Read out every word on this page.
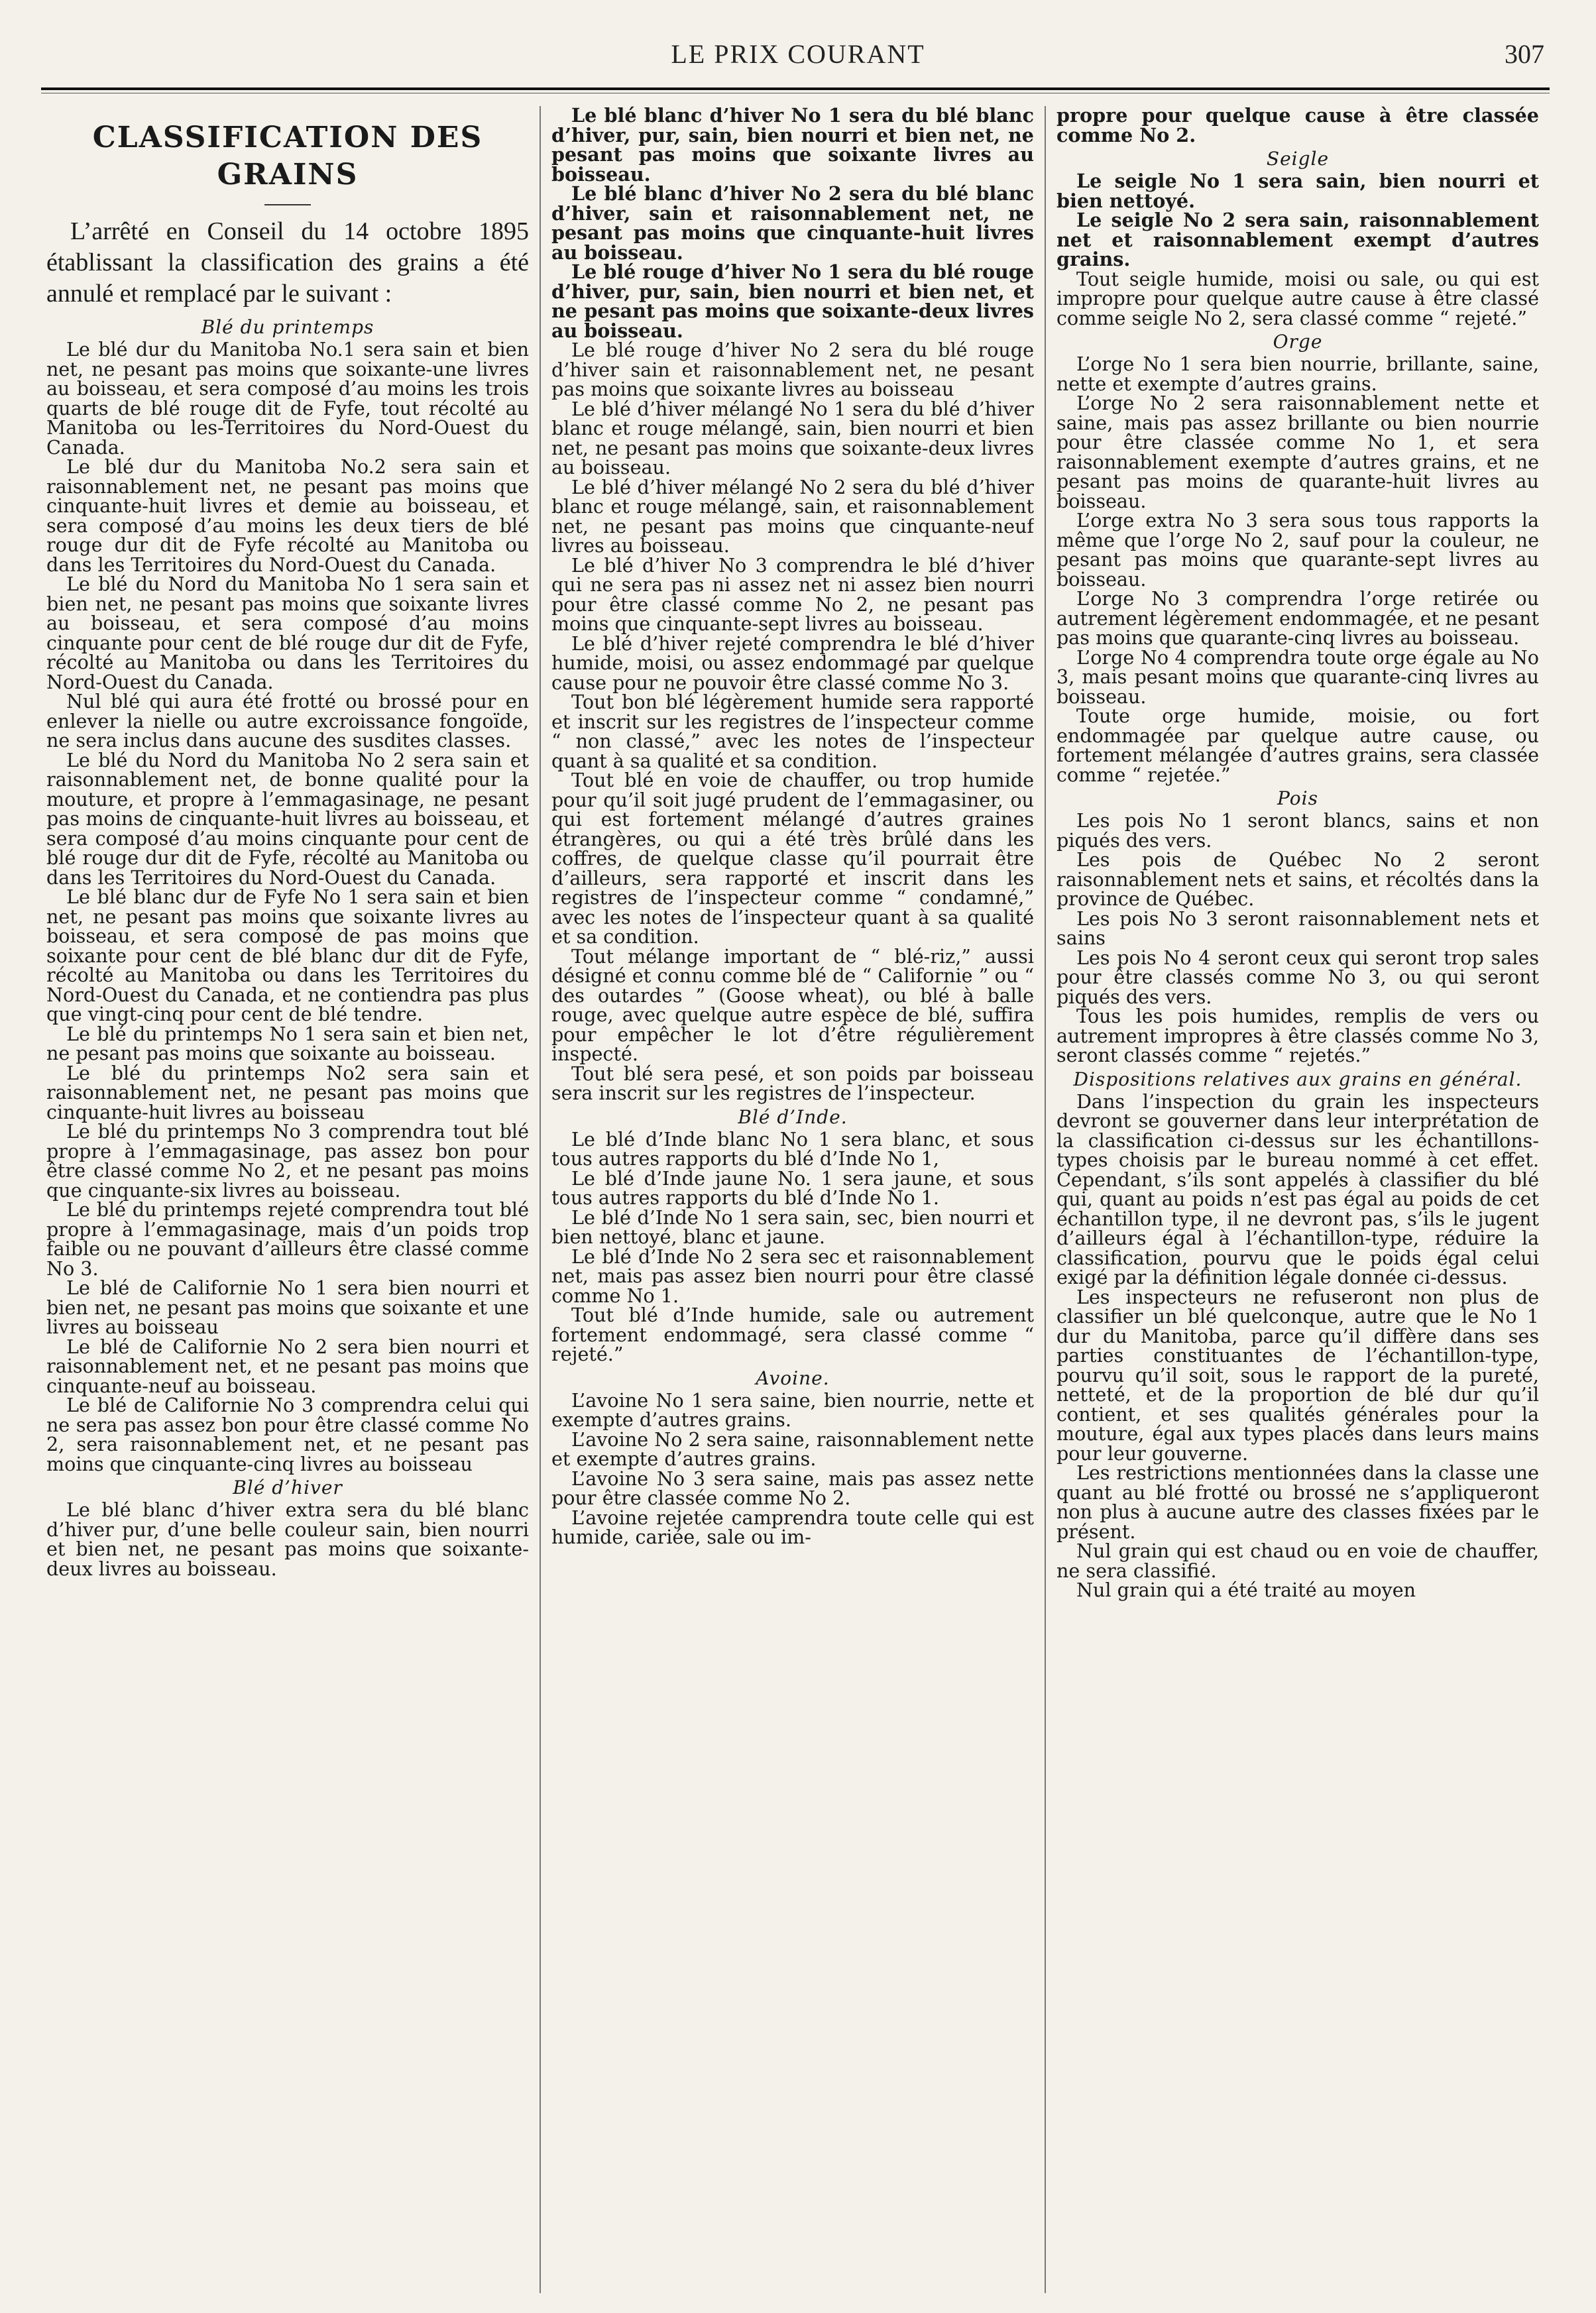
LE PRIX COURANT	307
CLASSIFICATION DES GRAINS

L’arrêté en Conseil du 14 octobre 1895 établissant la classification des grains a été annulé et remplacé par le suivant :

Blé du printemps

Le blé dur du Manitoba No.1 sera sain et bien net, ne pesant pas moins que soixante-une livres au boisseau, et sera composé d’au moins les trois quarts de blé rouge dit de Fyfe, tout récolté au Manitoba ou les-Territoires du Nord-Ouest du Canada.

Le blé dur du Manitoba No.2 sera sain et raisonnablement net, ne pesant pas moins que cinquante-huit livres et demie au boisseau, et sera composé d’au moins les deux tiers de blé rouge dur dit de Fyfe récolté au Manitoba ou dans les Territoires du Nord-Ouest du Canada.

Le blé du Nord du Manitoba No 1 sera sain et bien net, ne pesant pas moins que soixante livres au boisseau, et sera composé d’au moins cinquante pour cent de blé rouge dur dit de Fyfe, récolté au Manitoba ou dans les Territoires du Nord-Ouest du Canada.

Nul blé qui aura été frotté ou brossé pour en enlever la nielle ou autre excroissance fongoïde, ne sera inclus dans aucune des susdites classes.

Le blé du Nord du Manitoba No 2 sera sain et raisonnablement net, de bonne qualité pour la mouture, et propre à l’emmagasinage, ne pesant pas moins de cinquante-huit livres au boisseau, et sera composé d’au moins cinquante pour cent de blé rouge dur dit de Fyfe, récolté au Manitoba ou dans les Territoires du Nord-Ouest du Canada.

Le blé blanc dur de Fyfe No 1 sera sain et bien net, ne pesant pas moins que soixante livres au boisseau, et sera composé de pas moins que soixante pour cent de blé blanc dur dit de Fyfe, récolté au Manitoba ou dans les Territoires du Nord-Ouest du Canada, et ne contiendra pas plus que vingt-cinq pour cent de blé tendre.

Le blé du printemps No 1 sera sain et bien net, ne pesant pas moins que soixante au boisseau.

Le blé du printemps No2 sera sain et raisonnablement net, ne pesant pas moins que cinquante-huit livres au boisseau

Le blé du printemps No 3 comprendra tout blé propre à l’emmagasinage, pas assez bon pour être classé comme No 2, et ne pesant pas moins que cinquante-six livres au boisseau.

Le blé du printemps rejeté comprendra tout blé propre à l’emmagasinage, mais d’un poids trop faible ou ne pouvant d’ailleurs être classé comme No 3.

Le blé de Californie No 1 sera bien nourri et bien net, ne pesant pas moins que soixante et une livres au boisseau

Le blé de Californie No 2 sera bien nourri et raisonnablement net, et ne pesant pas moins que cinquante-neuf au boisseau.

Le blé de Californie No 3 comprendra celui qui ne sera pas assez bon pour être classé comme No 2, sera raisonnablement net, et ne pesant pas moins que cinquante-cinq livres au boisseau

Blé d’hiver

Le blé blanc d’hiver extra sera du blé blanc d’hiver pur, d’une belle couleur sain, bien nourri et bien net, ne pesant pas moins que soixante-deux livres au boisseau.

Le blé blanc d’hiver No 1 sera du blé blanc d’hiver, pur, sain, bien nourri et bien net, ne pesant pas moins que soixante livres au boisseau.

Le blé blanc d’hiver No 2 sera du blé blanc d’hiver, sain et raisonnablement net, ne pesant pas moins que cinquante-huit livres au boisseau.

Le blé rouge d’hiver No 1 sera du blé rouge d’hiver, pur, sain, bien nourri et bien net, et ne pesant pas moins que soixante-deux livres au boisseau.

Le blé rouge d’hiver No 2 sera du blé rouge d’hiver sain et raisonnablement net, ne pesant pas moins que soixante livres au boisseau

Le blé d’hiver mélangé No 1 sera du blé d’hiver blanc et rouge mélangé, sain, bien nourri et bien net, ne pesant pas moins que soixante-deux livres au boisseau.

Le blé d’hiver mélangé No 2 sera du blé d’hiver blanc et rouge mélangé, sain, et raisonnablement net, ne pesant pas moins que cinquante-neuf livres au boisseau.

Le blé d’hiver No 3 comprendra le blé d’hiver qui ne sera pas ni assez net ni assez bien nourri pour être classé comme No 2, ne pesant pas moins que cinquante-sept livres au boisseau.

Le blé d’hiver rejeté comprendra le blé d’hiver humide, moisi, ou assez endommagé par quelque cause pour ne pouvoir être classé comme No 3.

Tout bon blé légèrement humide sera rapporté et inscrit sur les registres de l’inspecteur comme “ non classé,” avec les notes de l’inspecteur quant à sa qualité et sa condition.

Tout blé en voie de chauffer, ou trop humide pour qu’il soit jugé prudent de l’emmagasiner, ou qui est fortement mélangé d’autres graines étrangères, ou qui a été très brûlé dans les coffres, de quelque classe qu’il pourrait être d’ailleurs, sera rapporté et inscrit dans les registres de l’inspecteur comme “ condamné,” avec les notes de l’inspecteur quant à sa qualité et sa condition.

Tout mélange important de “ blé-riz,” aussi désigné et connu comme blé de “ Californie ” ou “ des outardes ” (Goose wheat), ou blé à balle rouge, avec quelque autre espèce de blé, suffira pour empêcher le lot d’être régulièrement inspecté.

Tout blé sera pesé, et son poids par boisseau sera inscrit sur les registres de l’inspecteur.

Blé d’Inde.

Le blé d’Inde blanc No 1 sera blanc, et sous tous autres rapports du blé d’Inde No 1,

Le blé d’Inde jaune No. 1 sera jaune, et sous tous autres rapports du blé d’Inde No 1.

Le blé d’Inde No 1 sera sain, sec, bien nourri et bien nettoyé, blanc et jaune.

Le blé d’Inde No 2 sera sec et raisonnablement net, mais pas assez bien nourri pour être classé comme No 1.

Tout blé d’Inde humide, sale ou autrement fortement endommagé, sera classé comme “ rejeté.”

Avoine.

L’avoine No 1 sera saine, bien nourrie, nette et exempte d’autres grains.

L’avoine No 2 sera saine, raisonnablement nette et exempte d’autres grains.

L’avoine No 3 sera saine, mais pas assez nette pour être classée comme No 2.

L’avoine rejetée camprendra toute celle qui est humide, cariée, sale ou im-

propre pour quelque cause à être classée comme No 2.

Seigle

Le seigle No 1 sera sain, bien nourri et bien nettoyé.

Le seigle No 2 sera sain, raisonnablement net et raisonnablement exempt d’autres grains.

Tout seigle humide, moisi ou sale, ou qui est impropre pour quelque autre cause à être classé comme seigle No 2, sera classé comme “ rejeté.”

Orge

L’orge No 1 sera bien nourrie, brillante, saine, nette et exempte d’autres grains.

L’orge No 2 sera raisonnablement nette et saine, mais pas assez brillante ou bien nourrie pour être classée comme No 1, et sera raisonnablement exempte d’autres grains, et ne pesant pas moins de quarante-huit livres au boisseau.

L’orge extra No 3 sera sous tous rapports la même que l’orge No 2, sauf pour la couleur, ne pesant pas moins que quarante-sept livres au boisseau.

L’orge No 3 comprendra l’orge retirée ou autrement légèrement endommagée, et ne pesant pas moins que quarante-cinq livres au boisseau.

L’orge No 4 comprendra toute orge égale au No 3, mais pesant moins que quarante-cinq livres au boisseau.

Toute orge humide, moisie, ou fort endommagée par quelque autre cause, ou fortement mélangée d’autres grains, sera classée comme “ rejetée.”

Pois

Les pois No 1 seront blancs, sains et non piqués des vers.

Les pois de Québec No 2 seront raisonnablement nets et sains, et récoltés dans la province de Québec.

Les pois No 3 seront raisonnablement nets et sains

Les pois No 4 seront ceux qui seront trop sales pour être classés comme No 3, ou qui seront piqués des vers.

Tous les pois humides, remplis de vers ou autrement impropres à être classés comme No 3, seront classés comme “ rejetés.”

Dispositions relatives aux grains en général.

Dans l’inspection du grain les inspecteurs devront se gouverner dans leur interprétation de la classification ci-dessus sur les échantillons-types choisis par le bureau nommé à cet effet. Cependant, s’ils sont appelés à classifier du blé qui, quant au poids n’est pas égal au poids de cet échantillon type, il ne devront pas, s’ils le jugent d’ailleurs égal à l’échantillon-type, réduire la classification, pourvu que le poids égal celui exigé par la définition légale donnée ci-dessus.

Les inspecteurs ne refuseront non plus de classifier un blé quelconque, autre que le No 1 dur du Manitoba, parce qu’il diffère dans ses parties constituantes de l’échantillon-type, pourvu qu’il soit, sous le rapport de la pureté, netteté, et de la proportion de blé dur qu’il contient, et ses qualités générales pour la mouture, égal aux types placés dans leurs mains pour leur gouverne.

Les restrictions mentionnées dans la classe une quant au blé frotté ou brossé ne s’appliqueront non plus à aucune autre des classes fixées par le présent.

Nul grain qui est chaud ou en voie de chauffer, ne sera classifié.

Nul grain qui a été traité au moyen
